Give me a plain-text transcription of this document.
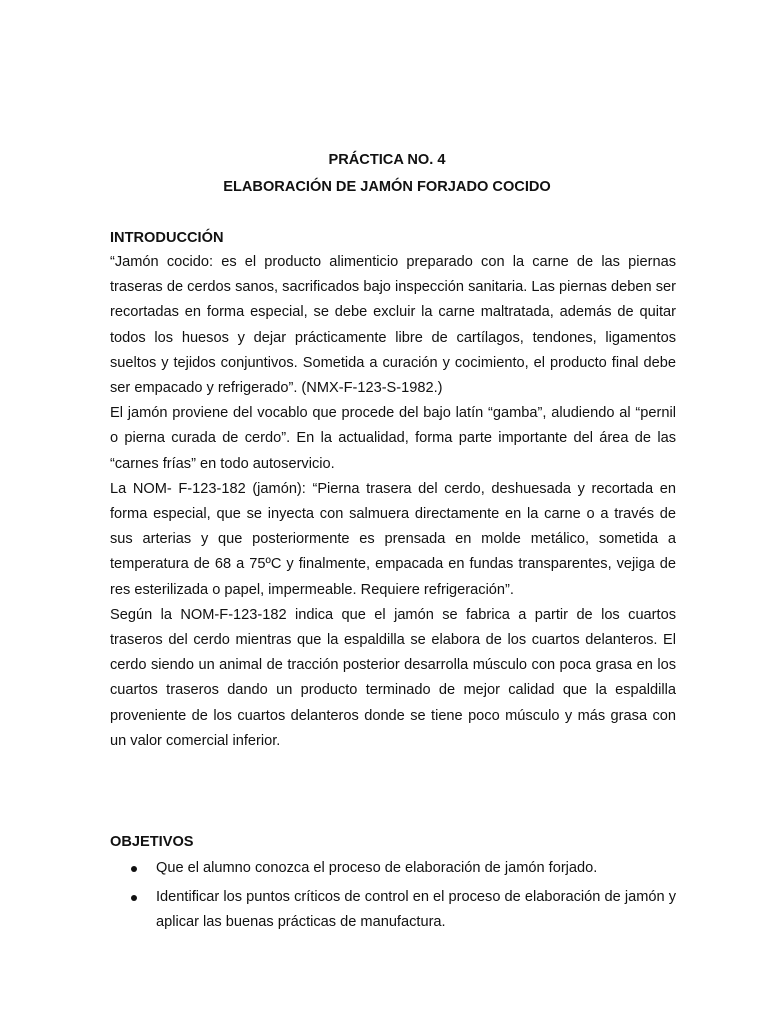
PRÁCTICA NO. 4
ELABORACIÓN DE JAMÓN FORJADO COCIDO
INTRODUCCIÓN

“Jamón cocido: es el producto alimenticio preparado con la carne de las piernas traseras de cerdos sanos, sacrificados bajo inspección sanitaria. Las piernas deben ser recortadas en forma especial, se debe excluir la carne maltratada, además de quitar todos los huesos y dejar prácticamente libre de cartílagos, tendones, ligamentos sueltos y tejidos conjuntivos. Sometida a curación y cocimiento, el producto final debe ser empacado y refrigerado”. (NMX-F-123-S-1982.)

El jamón proviene del vocablo que procede del bajo latín “gamba”, aludiendo al “pernil o pierna curada de cerdo”. En la actualidad, forma parte importante del área de las “carnes frías” en todo autoservicio.

La NOM- F-123-182 (jamón): “Pierna trasera del cerdo, deshuesada y recortada en forma especial, que se inyecta con salmuera directamente en la carne o a través de sus arterias y que posteriormente es prensada en molde metálico, sometida a temperatura de 68 a 75ºC y finalmente, empacada en fundas transparentes, vejiga de res esterilizada o papel, impermeable. Requiere refrigeración”.

Según la NOM-F-123-182 indica que el jamón se fabrica a partir de los cuartos traseros del cerdo mientras que la espaldilla se elabora de los cuartos delanteros. El cerdo siendo un animal de tracción posterior desarrolla músculo con poca grasa en los cuartos traseros dando un producto terminado de mejor calidad que la espaldilla proveniente de los cuartos delanteros donde se tiene poco músculo y más grasa con un valor comercial inferior.

OBJETIVOS
Que el alumno conozca el proceso de elaboración de jamón forjado.
Identificar los puntos críticos de control en el proceso de elaboración de jamón y aplicar las buenas prácticas de manufactura.
